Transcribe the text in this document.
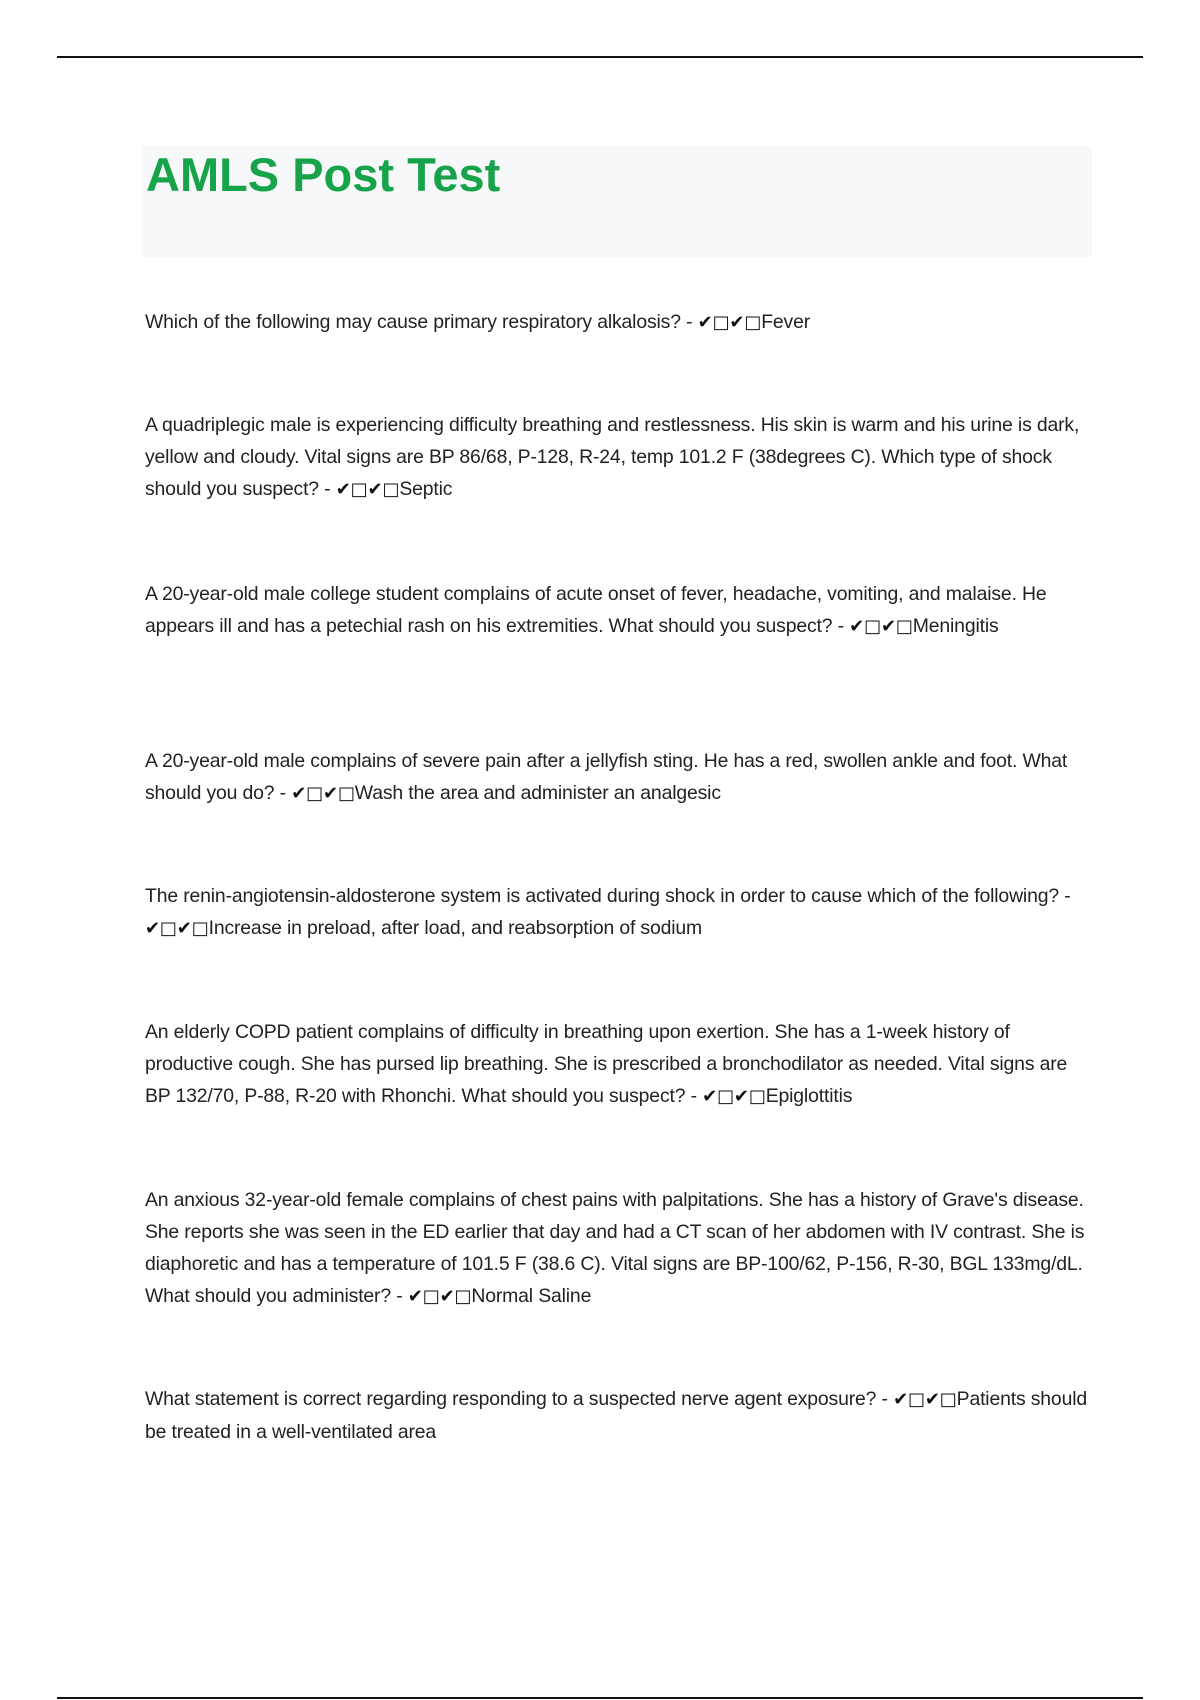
AMLS Post Test

Which of the following may cause primary respiratory alkalosis? - ✔□✔□Fever

A quadriplegic male is experiencing difficulty breathing and restlessness. His skin is warm and his urine is dark, yellow and cloudy. Vital signs are BP 86/68, P-128, R-24, temp 101.2 F (38degrees C). Which type of shock should you suspect? - ✔□✔□Septic

A 20-year-old male college student complains of acute onset of fever, headache, vomiting, and malaise. He appears ill and has a petechial rash on his extremities. What should you suspect? - ✔□✔□Meningitis

A 20-year-old male complains of severe pain after a jellyfish sting. He has a red, swollen ankle and foot. What should you do? - ✔□✔□Wash the area and administer an analgesic

The renin-angiotensin-aldosterone system is activated during shock in order to cause which of the following? - ✔□✔□Increase in preload, after load, and reabsorption of sodium

An elderly COPD patient complains of difficulty in breathing upon exertion. She has a 1-week history of productive cough. She has pursed lip breathing. She is prescribed a bronchodilator as needed. Vital signs are BP 132/70, P-88, R-20 with Rhonchi. What should you suspect? - ✔□✔□Epiglottitis

An anxious 32-year-old female complains of chest pains with palpitations. She has a history of Grave's disease. She reports she was seen in the ED earlier that day and had a CT scan of her abdomen with IV contrast. She is diaphoretic and has a temperature of 101.5 F (38.6 C). Vital signs are BP-100/62, P-156, R-30, BGL 133mg/dL. What should you administer? - ✔□✔□Normal Saline

What statement is correct regarding responding to a suspected nerve agent exposure? - ✔□✔□Patients should be treated in a well-ventilated area
